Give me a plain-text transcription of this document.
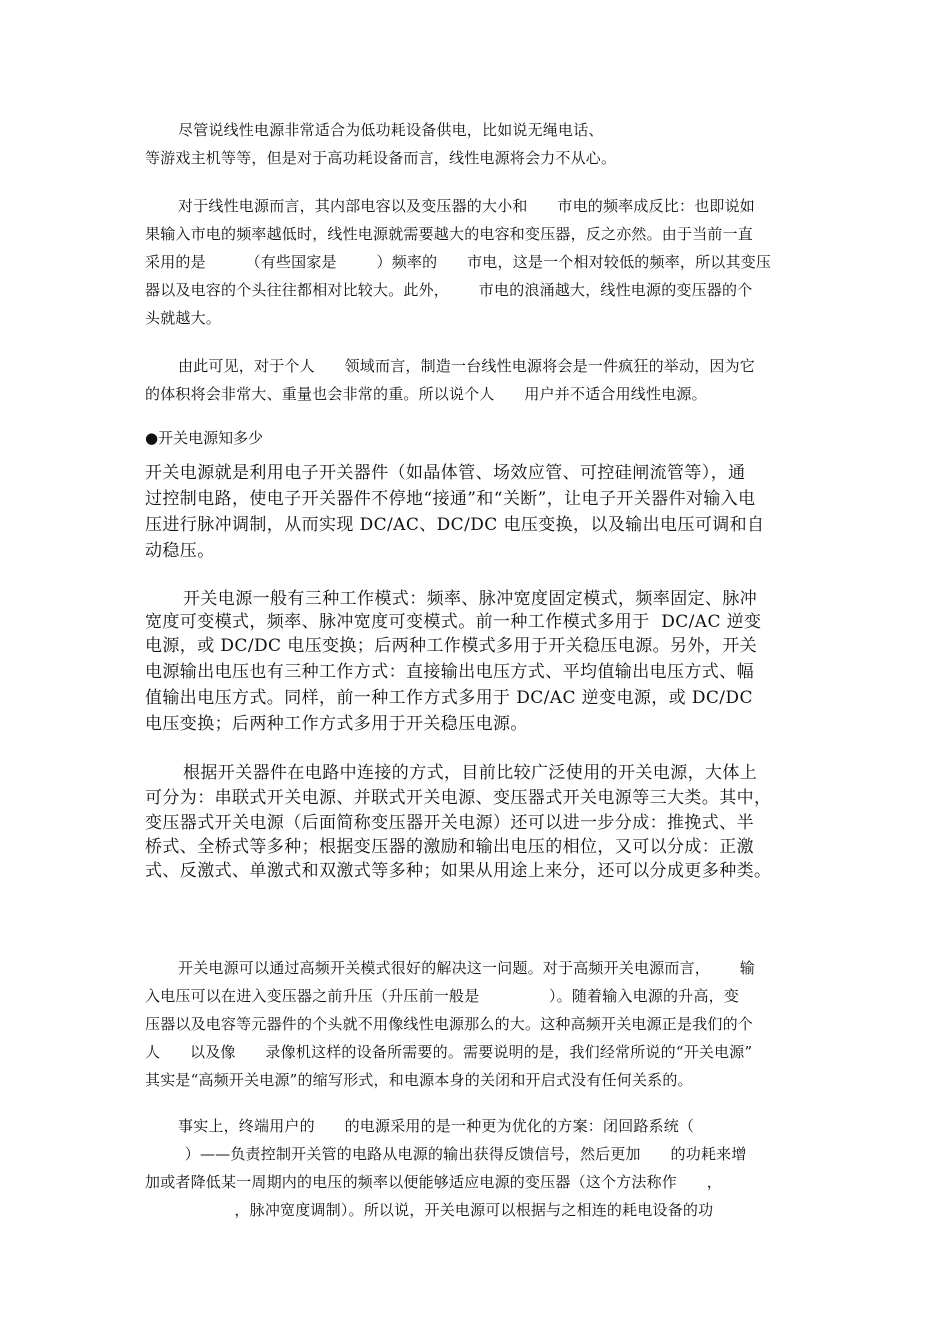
尽管说线性电源非常适合为低功耗设备供电，比如说无绳电话、

等游戏主机等等，但是对于高功耗设备而言，线性电源将会力不从心。

对于线性电源而言，其内部电容以及变压器的大小和      市电的频率成反比：也即说如

果输入市电的频率越低时，线性电源就需要越大的电容和变压器，反之亦然。由于当前一直

采用的是        （有些国家是        ）频率的      市电，这是一个相对较低的频率，所以其变压

器以及电容的个头往往都相对比较大。此外，      市电的浪涌越大，线性电源的变压器的个

头就越大。

由此可见，对于个人      领域而言，制造一台线性电源将会是一件疯狂的举动，因为它

的体积将会非常大、重量也会非常的重。所以说个人      用户并不适合用线性电源。

●开关电源知多少

开关电源就是利用电子开关器件（如晶体管、场效应管、可控硅闸流管等），通

过控制电路，使电子开关器件不停地“接通”和“关断”，让电子开关器件对输入电

压进行脉冲调制，从而实现 DC/AC、DC/DC 电压变换，以及输出电压可调和自

动稳压。

开关电源一般有三种工作模式：频率、脉冲宽度固定模式，频率固定、脉冲

宽度可变模式，频率、脉冲宽度可变模式。前一种工作模式多用于  DC/AC 逆变

电源，或 DC/DC 电压变换；后两种工作模式多用于开关稳压电源。另外，开关

电源输出电压也有三种工作方式：直接输出电压方式、平均值输出电压方式、幅

值输出电压方式。同样，前一种工作方式多用于 DC/AC 逆变电源，或 DC/DC

电压变换；后两种工作方式多用于开关稳压电源。

根据开关器件在电路中连接的方式，目前比较广泛使用的开关电源，大体上

可分为：串联式开关电源、并联式开关电源、变压器式开关电源等三大类。其中，

变压器式开关电源（后面简称变压器开关电源）还可以进一步分成：推挽式、半

桥式、全桥式等多种；根据变压器的激励和输出电压的相位，又可以分成：正激

式、反激式、单激式和双激式等多种；如果从用途上来分，还可以分成更多种类。

开关电源可以通过高频开关模式很好的解决这一问题。对于高频开关电源而言，      输

入电压可以在进入变压器之前升压（升压前一般是              ）。随着输入电源的升高，变

压器以及电容等元器件的个头就不用像线性电源那么的大。这种高频开关电源正是我们的个

人      以及像      录像机这样的设备所需要的。需要说明的是，我们经常所说的“开关电源”

其实是“高频开关电源”的缩写形式，和电源本身的关闭和开启式没有任何关系的。

事实上，终端用户的      的电源采用的是一种更为优化的方案：闭回路系统（

）——负责控制开关管的电路从电源的输出获得反馈信号，然后更加      的功耗来增

加或者降低某一周期内的电压的频率以便能够适应电源的变压器（这个方法称作      ，

，脉冲宽度调制）。所以说，开关电源可以根据与之相连的耗电设备的功
